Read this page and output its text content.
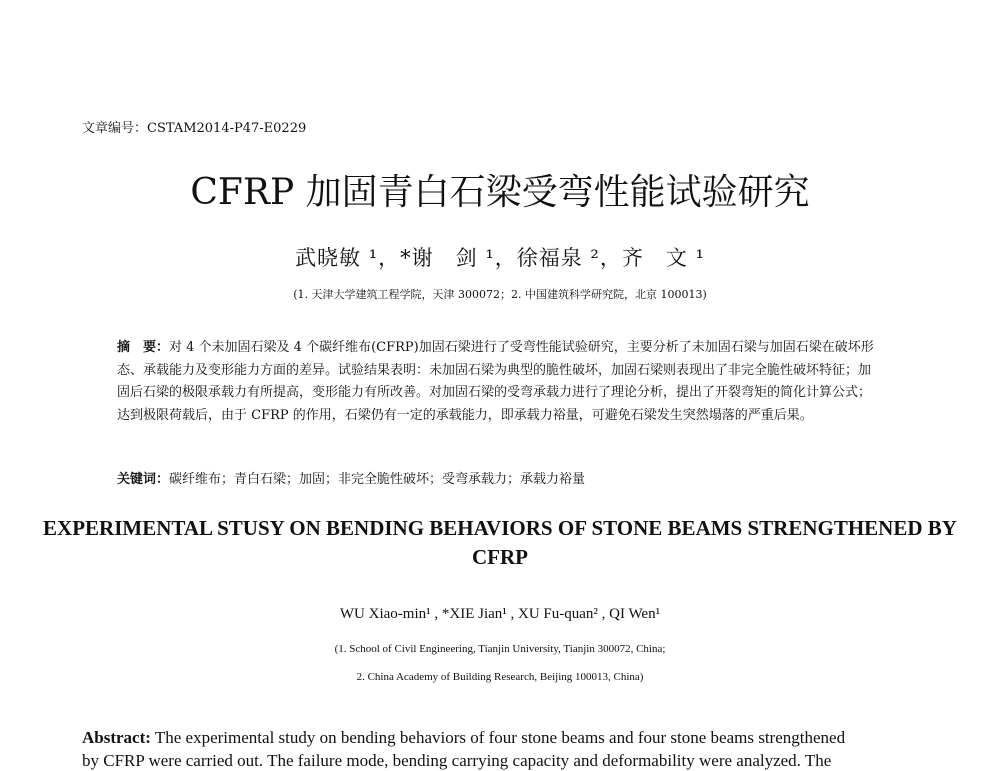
文章编号：CSTAM2014-P47-E0229
CFRP 加固青白石梁受弯性能试验研究
武晓敏 ¹，*谢　剑 ¹，徐福泉 ²，齐　文 ¹
(1. 天津大学建筑工程学院，天津 300072；2. 中国建筑科学研究院，北京 100013)
摘　要：对 4 个未加固石梁及 4 个碳纤维布(CFRP)加固石梁进行了受弯性能试验研究，主要分析了未加固石梁与加固石梁在破坏形态、承载能力及变形能力方面的差异。试验结果表明：未加固石梁为典型的脆性破坏，加固石梁则表现出了非完全脆性破坏特征；加固后石梁的极限承载力有所提高，变形能力有所改善。对加固石梁的受弯承载力进行了理论分析，提出了开裂弯矩的简化计算公式；达到极限荷载后，由于 CFRP 的作用，石梁仍有一定的承载能力，即承载力裕量，可避免石梁发生突然塌落的严重后果。
关键词：碳纤维布；青白石梁；加固；非完全脆性破坏；受弯承载力；承载力裕量
EXPERIMENTAL STUSY ON BENDING BEHAVIORS OF STONE BEAMS STRENGTHENED BY CFRP
WU Xiao-min¹ , *XIE Jian¹ , XU Fu-quan² , QI Wen¹
(1. School of Civil Engineering, Tianjin University, Tianjin 300072, China;
2. China Academy of Building Research, Beijing 100013, China)
Abstract: The experimental study on bending behaviors of four stone beams and four stone beams strengthened
by CFRP were carried out. The failure mode, bending carrying capacity and deformability were analyzed. The
